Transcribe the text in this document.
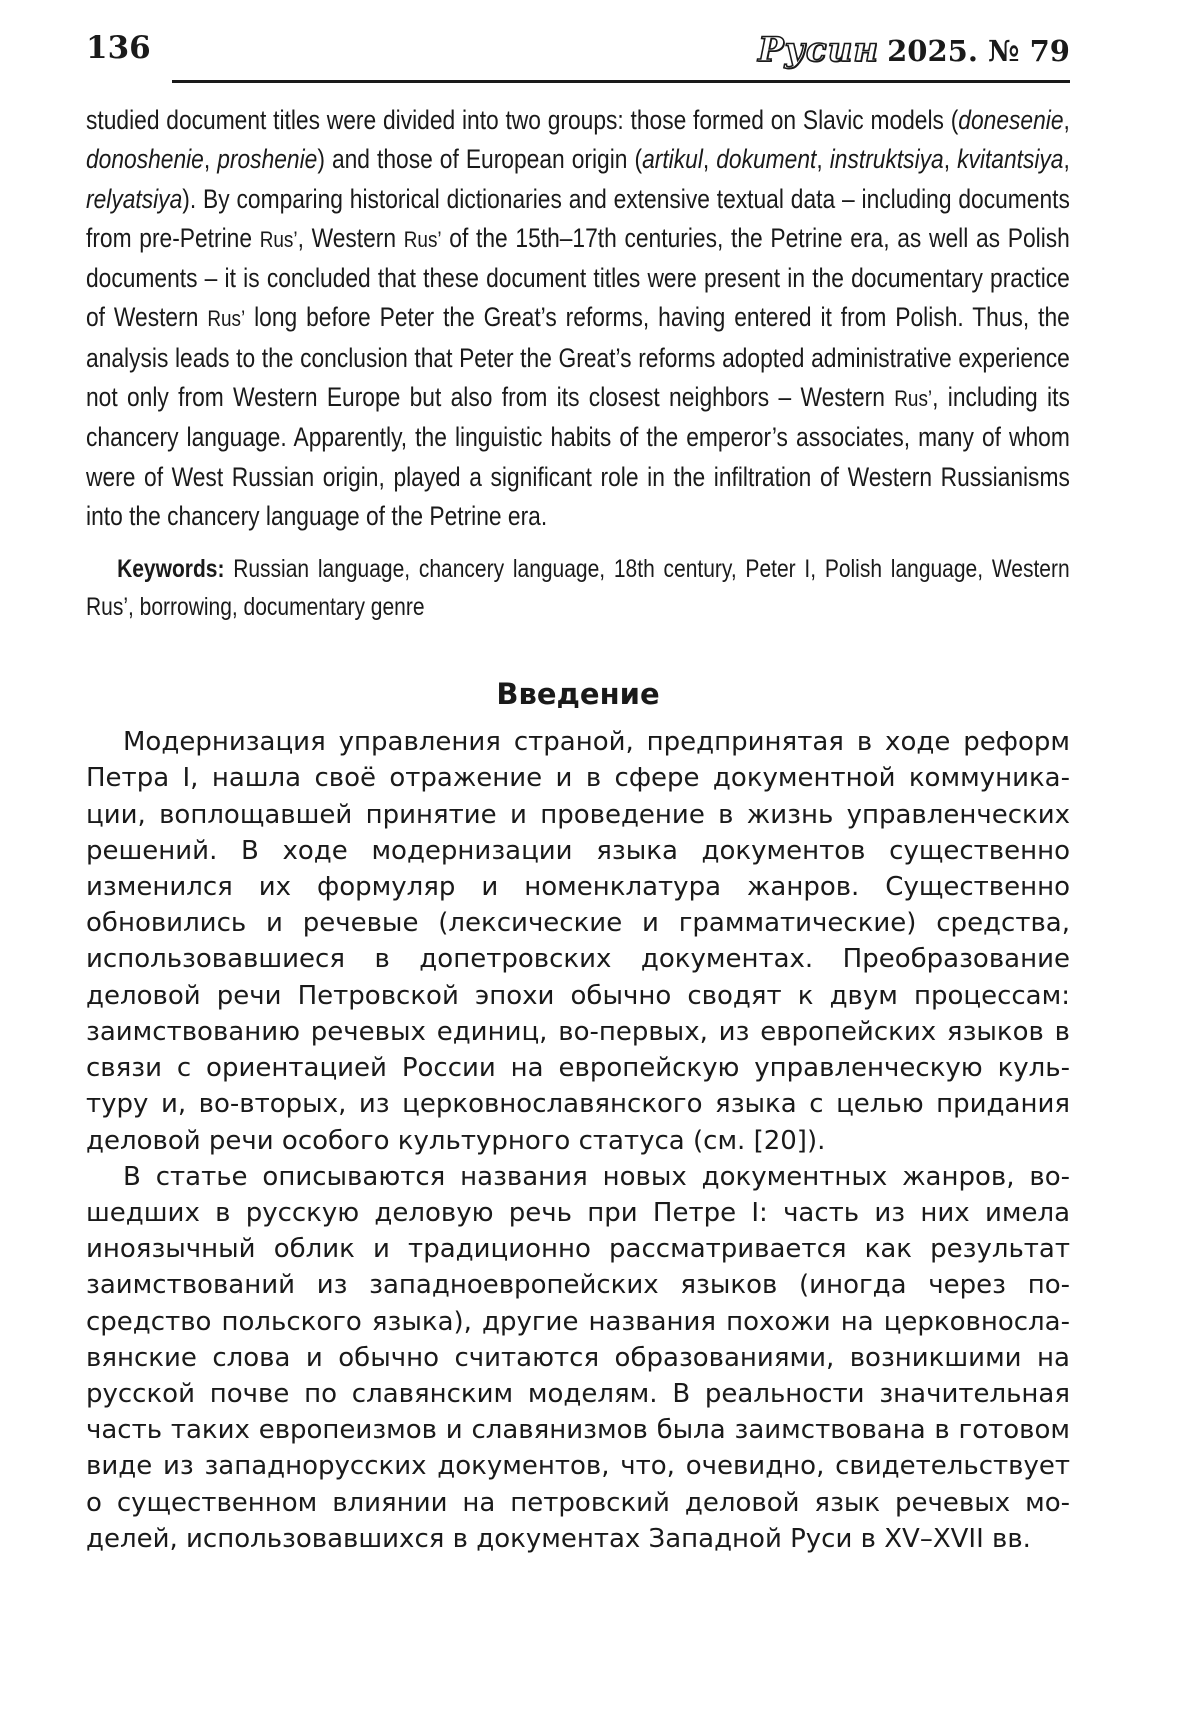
136	Русин 2025. № 79
studied document titles were divided into two groups: those formed on Slavic models (donesenie, donoshenie, proshenie) and those of European origin (artikul, dokument, instruktsiya, kvitantsiya, relyatsiya). By comparing historical dictionaries and extensive textual data – including documents from pre-Petrine Rus’, Western Rus’ of the 15th–17th centuries, the Petrine era, as well as Polish documents – it is concluded that these document titles were present in the documentary practice of Western Rus’ long before Peter the Great’s reforms, having entered it from Polish. Thus, the analysis leads to the conclusion that Peter the Great’s reforms adopted administrative experience not only from Western Europe but also from its closest neighbors – Western Rus’, including its chancery language. Apparently, the linguistic habits of the emperor’s associates, many of whom were of West Russian origin, played a significant role in the infiltration of Western Russianisms into the chancery language of the Petrine era.
Keywords: Russian language, chancery language, 18th century, Peter I, Polish language, Western Rus’, borrowing, documentary genre
Введение

Модернизация управления страной, предпринятая в ходе реформ Петра I, нашла своё отражение и в сфере документной коммуникации, воплощавшей принятие и проведение в жизнь управленческих решений. В ходе модернизации языка документов существенно изменился их формуляр и номенклатура жанров. Существенно обновились и речевые (лексические и грамматические) средства, использовавшиеся в допетровских документах. Преобразование деловой речи Петровской эпохи обычно сводят к двум процессам: заимствованию речевых единиц, во-первых, из европейских языков в связи с ориентацией России на европейскую управленческую культуру и, во-вторых, из церковнославянского языка с целью придания деловой речи особого культурного статуса (см. [20]).

В статье описываются названия новых документных жанров, вошедших в русскую деловую речь при Петре I: часть из них имела иноязычный облик и традиционно рассматривается как результат заимствований из западноевропейских языков (иногда через посредство польского языка), другие названия похожи на церковнославянские слова и обычно считаются образованиями, возникшими на русской почве по славянским моделям. В реальности значительная часть таких европеизмов и славянизмов была заимствована в готовом виде из западнорусских документов, что, очевидно, свидетельствует о существенном влиянии на петровский деловой язык речевых моделей, использовавшихся в документах Западной Руси в XV–XVII вв.
